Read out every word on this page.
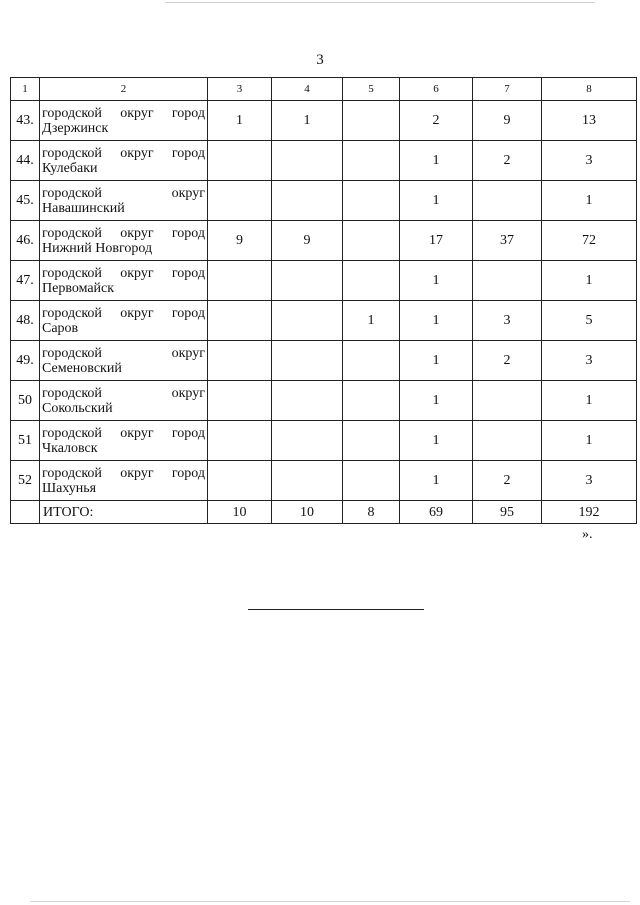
3
1	2	3	4	5	6	7	8
43.	городской округ город Дзержинск	1	1		2	9	13
44.	городской округ город Кулебаки				1	2	3
45.	городской округ Навашинский				1		1
46.	городской округ город Нижний Новгород	9	9		17	37	72
47.	городской округ город Первомайск				1		1
48.	городской округ город Саров			1	1	3	5
49.	городской округ Семеновский				1	2	3
50	городской округ Сокольский				1		1
51	городской округ город Чкаловск				1		1
52	городской округ город Шахунья				1	2	3
	ИТОГО:	10	10	8	69	95	192
».
